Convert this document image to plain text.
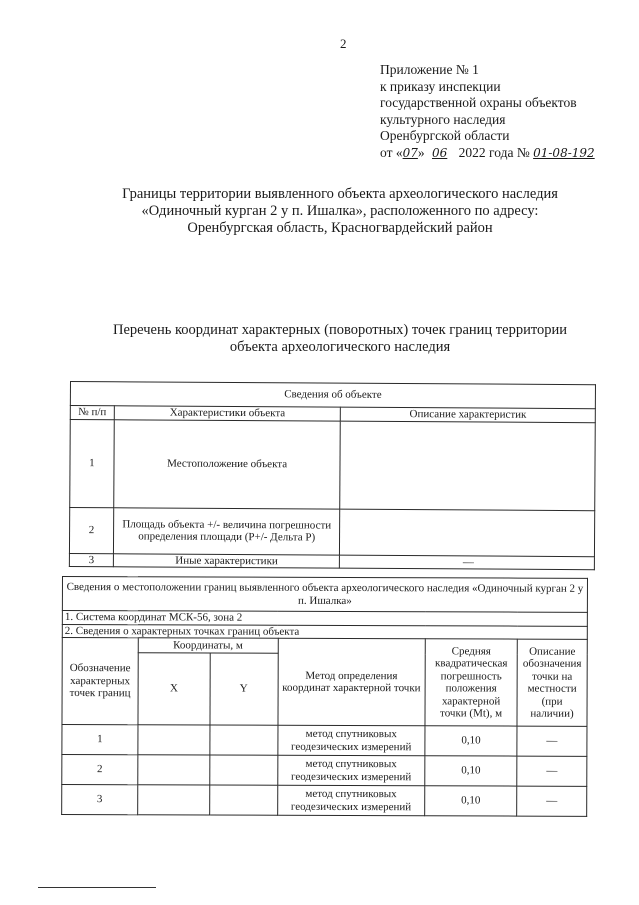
2
Приложение № 1
к приказу инспекции
государственной охраны объектов
культурного наследия
Оренбургской области
от «07» 06 2022 года № 01-08-192
Границы территории выявленного объекта археологического наследия
«Одиночный курган 2 у п. Ишалка», расположенного по адресу:
Оренбургская область, Красногвардейский район
Перечень координат характерных (поворотных) точек границ территории
объекта археологического наследия
Сведения об объекте		
№ п/п	Характеристики объекта	Описание характеристик
1	Местоположение объекта	
2	Площадь объекта +/- величина погрешности определения площади (Р+/- Дельта Р)	
3	Иные характеристики	—
Сведения о местоположении границ выявленного объекта археологического наследия «Одиночный курган 2 у п. Ишалка»					
1. Система координат МСК-56, зона 2					
2. Сведения о характерных точках границ объекта					
Обозначение характерных точек границ	Координаты, м		Метод определения координат характерной точки	Средняя квадратическая погрешность положения характерной точки (Mt), м	Описание обозначения точки на местности (при наличии)
	X	Y			
1			метод спутниковых геодезических измерений	0,10	—
2			метод спутниковых геодезических измерений	0,10	—
3			метод спутниковых геодезических измерений	0,10	—
